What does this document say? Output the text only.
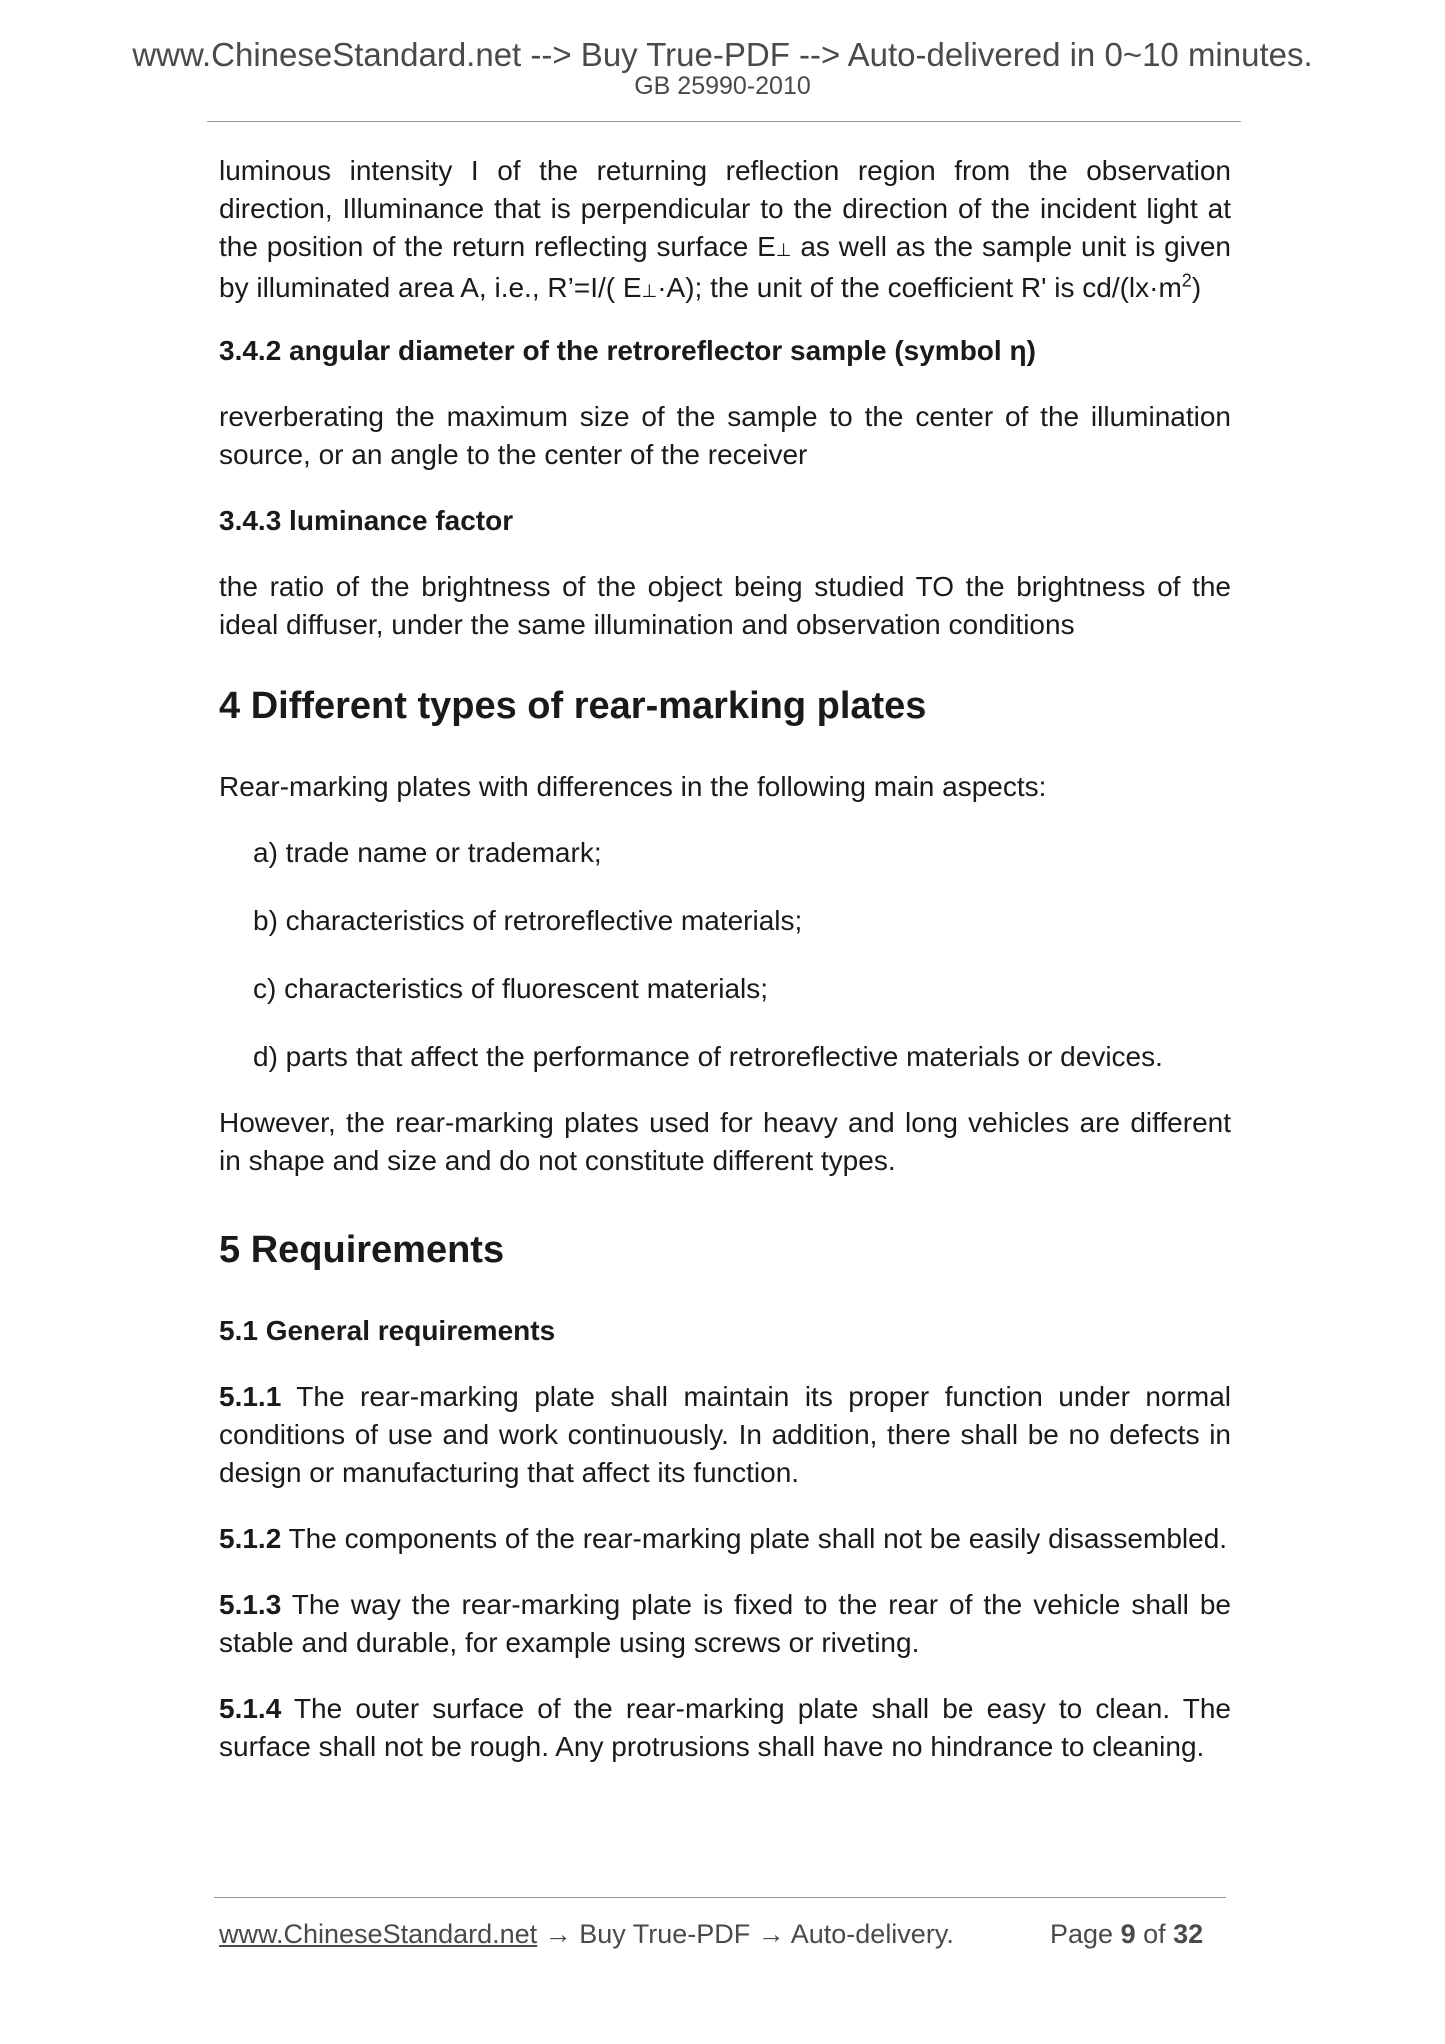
www.ChineseStandard.net --> Buy True-PDF --> Auto-delivered in 0~10 minutes.
GB 25990-2010

luminous intensity I of the returning reflection region from the observation direction, Illuminance that is perpendicular to the direction of the incident light at the position of the return reflecting surface E⊥ as well as the sample unit is given by illuminated area A, i.e., R’=I/( E⊥·A); the unit of the coefficient R' is $cd/(lx\cdot m^2)$

3.4.2 angular diameter of the retroreflector sample (symbol η)

reverberating the maximum size of the sample to the center of the illumination source, or an angle to the center of the receiver

3.4.3 luminance factor

the ratio of the brightness of the object being studied TO the brightness of the ideal diffuser, under the same illumination and observation conditions

4 Different types of rear-marking plates

Rear-marking plates with differences in the following main aspects:

a) trade name or trademark;

b) characteristics of retroreflective materials;

c) characteristics of fluorescent materials;

d) parts that affect the performance of retroreflective materials or devices.

However, the rear-marking plates used for heavy and long vehicles are different in shape and size and do not constitute different types.

5 Requirements

5.1 General requirements

5.1.1 The rear-marking plate shall maintain its proper function under normal conditions of use and work continuously. In addition, there shall be no defects in design or manufacturing that affect its function.

5.1.2 The components of the rear-marking plate shall not be easily disassembled.

5.1.3 The way the rear-marking plate is fixed to the rear of the vehicle shall be stable and durable, for example using screws or riveting.

5.1.4 The outer surface of the rear-marking plate shall be easy to clean. The surface shall not be rough. Any protrusions shall have no hindrance to cleaning.

www.ChineseStandard.net → Buy True-PDF → Auto-delivery.	Page 9 of 32
